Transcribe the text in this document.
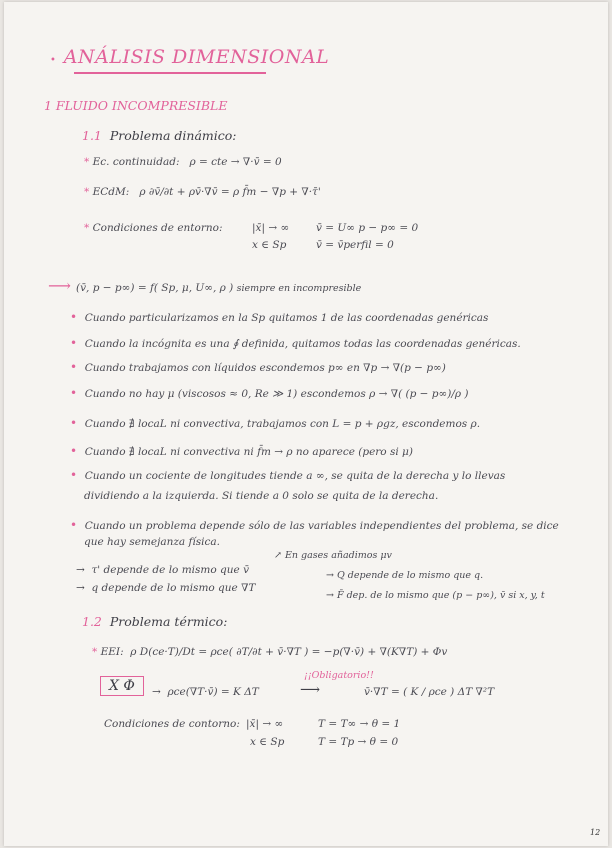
•  ANÁLISIS DIMENSIONAL
1 FLUIDO INCOMPRESIBLE
1.1 Problema dinámico:
* Ec. continuidad: ρ = cte → ∇·v̄ = 0
* ECdM: ρ ∂v̄/∂t + ρv̄·∇v̄ = ρ f̄m − ∇p + ∇·τ̄'
* Condiciones de entorno:	|x̄| → ∞	v̄ = U∞ p − p∞ = 0
x ∈ Sp	v̄ = v̄perfil = 0
⟶ (v̄, p − p∞) = f( Sp, μ, U∞, ρ ) siempre en incompresible
•  Cuando particularizamos en la Sp quitamos 1 de las coordenadas genéricas
•  Cuando la incógnita es una ∮ definida, quitamos todas las coordenadas genéricas.
•  Cuando trabajamos con líquidos escondemos p∞ en ∇p → ∇(p − p∞)
•  Cuando no hay μ (viscosos ≈ 0, Re ≫ 1) escondemos ρ → ∇( (p − p∞)/ρ )
•  Cuando ∄ locaL ni convectiva, trabajamos con L = p + ρgz, escondemos ρ.
•  Cuando ∄ locaL ni convectiva ni f̄m → ρ no aparece (pero si μ)
•  Cuando un cociente de longitudes tiende a ∞, se quita de la derecha y lo llevas
dividiendo a la izquierda. Si tiende a 0 solo se quita de la derecha.
•  Cuando un problema depende sólo de las variables independientes del problema, se dice
que hay semejanza física.
↗ En gases añadimos μv
→  τ' depende de lo mismo que v̄
→  q depende de lo mismo que ∇T
→ Q depende de lo mismo que q.
→ F̄ dep. de lo mismo que (p − p∞), v̄ si x, y, t
1.2 Problema térmico:
* EEI: ρ D(ce·T)/Dt = ρce( ∂T/∂t + v̄·∇T ) = −p(∇·v̄) + ∇(K∇T) + Φv
X Φ	→  ρce(∇T·v̄) = K ΔT
¡¡Obligatorio!!
⟶	v̄·∇T = ( K / ρce ) ΔT ∇²T
Condiciones de contorno: |x̄| → ∞	T = T∞ → θ = 1
x ∈ Sp	T = Tp → θ = 0
12
